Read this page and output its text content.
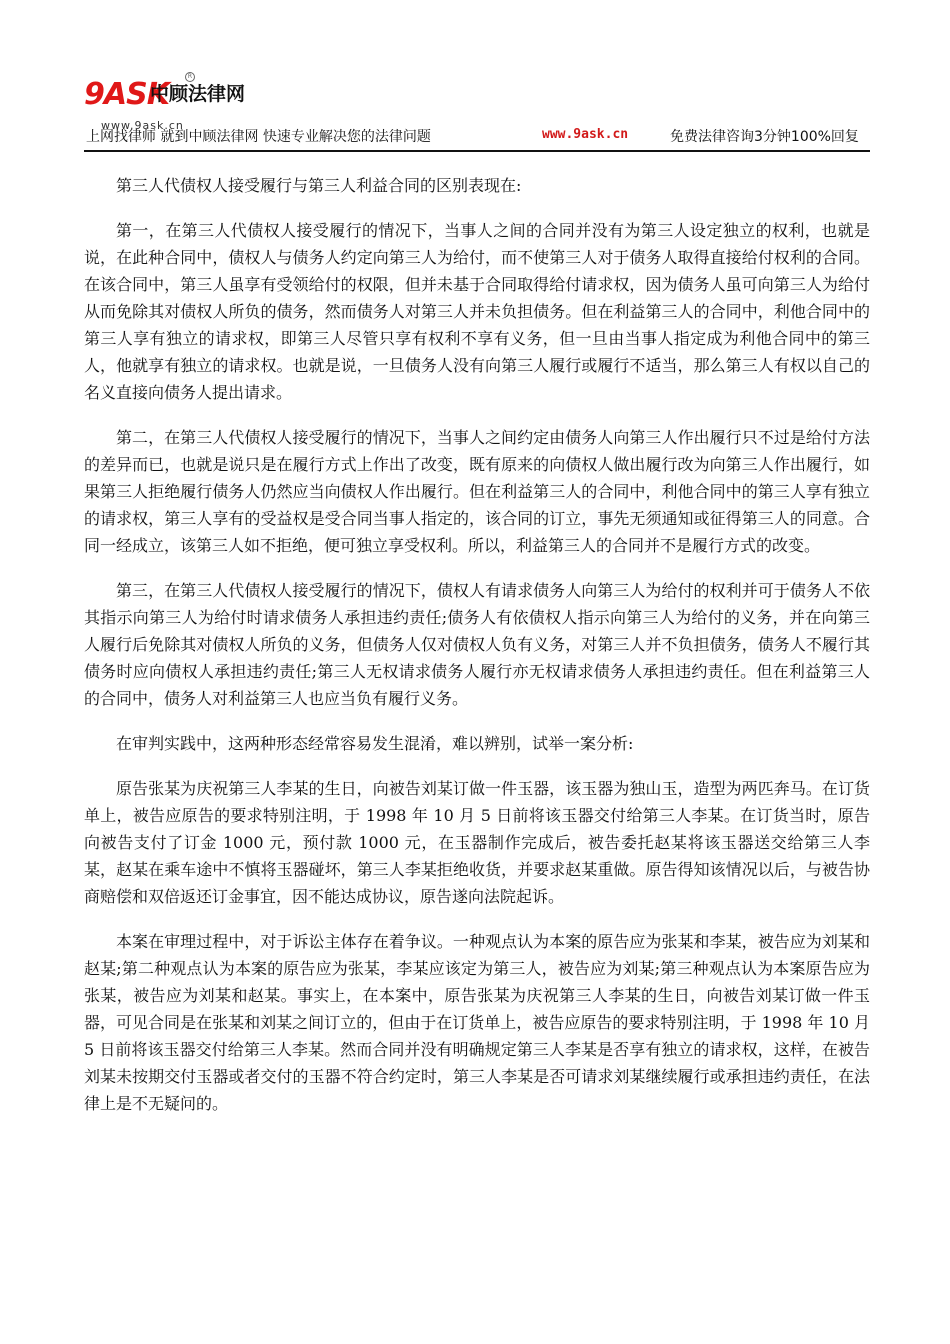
9ASK
中顾法律网
R
www.9ask.cn
上网找律师 就到中顾法律网 快速专业解决您的法律问题	www.9ask.cn	免费法律咨询3分钟100%回复

第三人代债权人接受履行与第三人利益合同的区别表现在:

第一，在第三人代债权人接受履行的情况下，当事人之间的合同并没有为第三人设定独立的权利，也就是说，在此种合同中，债权人与债务人约定向第三人为给付，而不使第三人对于债务人取得直接给付权利的合同。在该合同中，第三人虽享有受领给付的权限，但并未基于合同取得给付请求权，因为债务人虽可向第三人为给付从而免除其对债权人所负的债务，然而债务人对第三人并未负担债务。但在利益第三人的合同中，利他合同中的第三人享有独立的请求权，即第三人尽管只享有权利不享有义务，但一旦由当事人指定成为利他合同中的第三人，他就享有独立的请求权。也就是说，一旦债务人没有向第三人履行或履行不适当，那么第三人有权以自己的名义直接向债务人提出请求。

第二，在第三人代债权人接受履行的情况下，当事人之间约定由债务人向第三人作出履行只不过是给付方法的差异而已，也就是说只是在履行方式上作出了改变，既有原来的向债权人做出履行改为向第三人作出履行，如果第三人拒绝履行债务人仍然应当向债权人作出履行。但在利益第三人的合同中，利他合同中的第三人享有独立的请求权，第三人享有的受益权是受合同当事人指定的，该合同的订立，事先无须通知或征得第三人的同意。合同一经成立，该第三人如不拒绝，便可独立享受权利。所以，利益第三人的合同并不是履行方式的改变。

第三，在第三人代债权人接受履行的情况下，债权人有请求债务人向第三人为给付的权利并可于债务人不依其指示向第三人为给付时请求债务人承担违约责任;债务人有依债权人指示向第三人为给付的义务，并在向第三人履行后免除其对债权人所负的义务，但债务人仅对债权人负有义务，对第三人并不负担债务，债务人不履行其债务时应向债权人承担违约责任;第三人无权请求债务人履行亦无权请求债务人承担违约责任。但在利益第三人的合同中，债务人对利益第三人也应当负有履行义务。

在审判实践中，这两种形态经常容易发生混淆，难以辨别，试举一案分析:

原告张某为庆祝第三人李某的生日，向被告刘某订做一件玉器，该玉器为独山玉，造型为两匹奔马。在订货单上，被告应原告的要求特别注明，于 1998 年 10 月 5 日前将该玉器交付给第三人李某。在订货当时，原告向被告支付了订金 1000 元，预付款 1000 元，在玉器制作完成后，被告委托赵某将该玉器送交给第三人李某，赵某在乘车途中不慎将玉器碰坏，第三人李某拒绝收货，并要求赵某重做。原告得知该情况以后，与被告协商赔偿和双倍返还订金事宜，因不能达成协议，原告遂向法院起诉。

本案在审理过程中，对于诉讼主体存在着争议。一种观点认为本案的原告应为张某和李某，被告应为刘某和赵某;第二种观点认为本案的原告应为张某，李某应该定为第三人，被告应为刘某;第三种观点认为本案原告应为张某，被告应为刘某和赵某。事实上，在本案中，原告张某为庆祝第三人李某的生日，向被告刘某订做一件玉器，可见合同是在张某和刘某之间订立的，但由于在订货单上，被告应原告的要求特别注明，于 1998 年 10 月 5 日前将该玉器交付给第三人李某。然而合同并没有明确规定第三人李某是否享有独立的请求权，这样，在被告刘某未按期交付玉器或者交付的玉器不符合约定时，第三人李某是否可请求刘某继续履行或承担违约责任，在法律上是不无疑问的。
